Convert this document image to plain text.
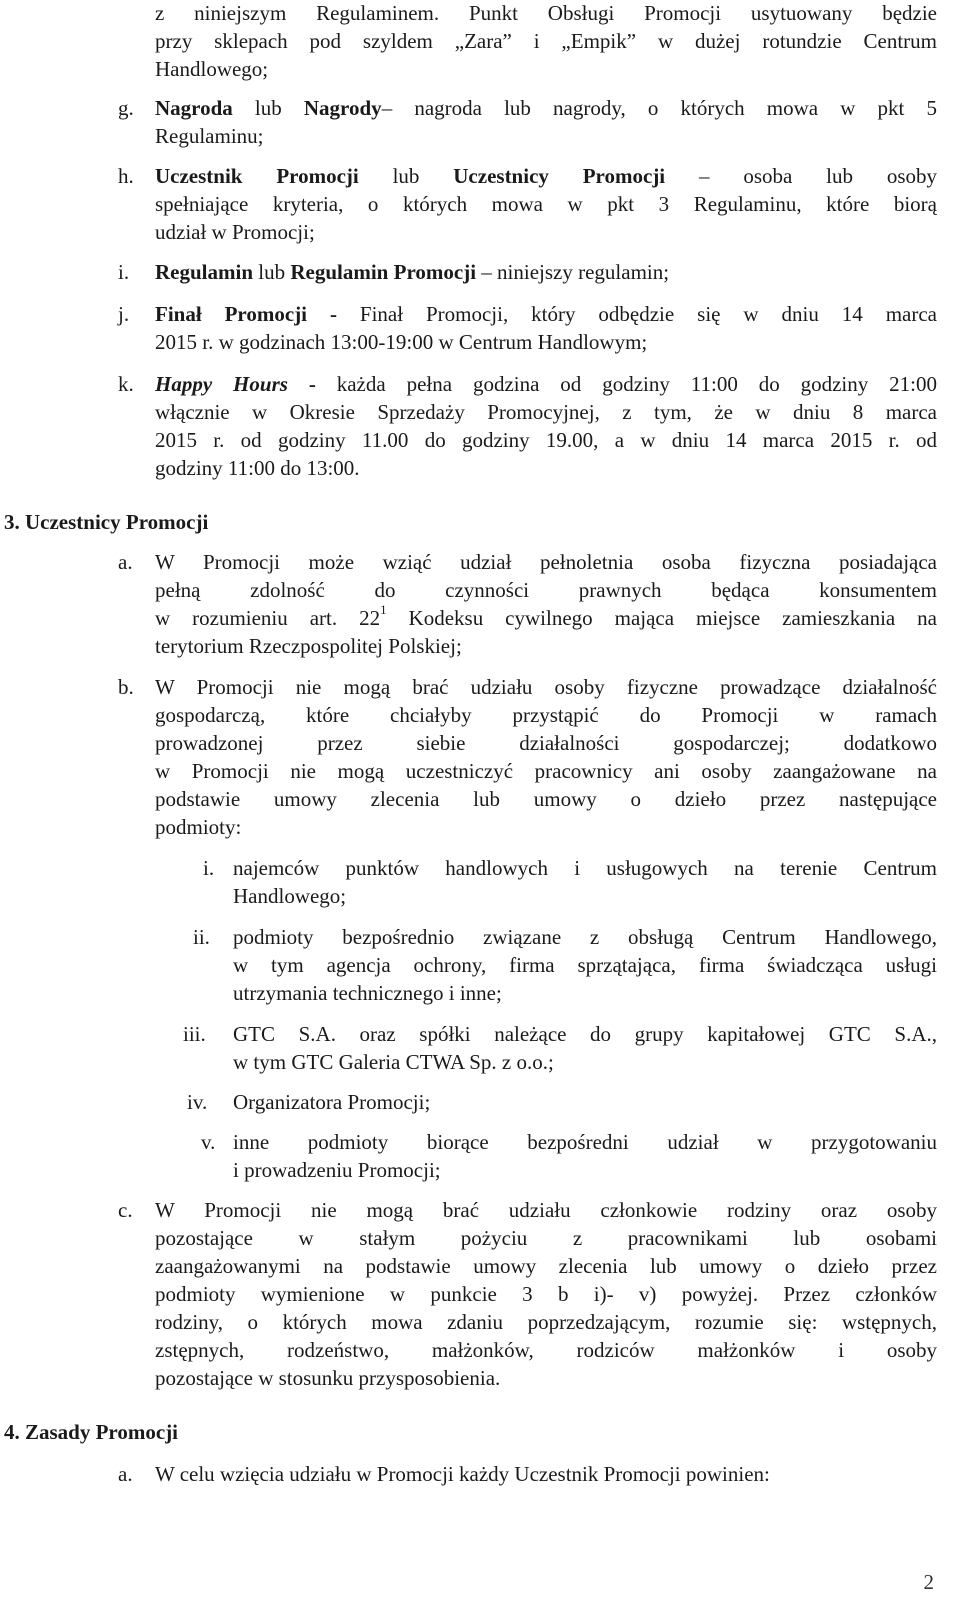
z niniejszym Regulaminem. Punkt Obsługi Promocji usytuowany będzie
przy sklepach pod szyldem „Zara” i „Empik” w dużej rotundzie Centrum
Handlowego;
g. Nagroda lub Nagrody– nagroda lub nagrody, o których mowa w pkt 5
Regulaminu;
h. Uczestnik Promocji lub Uczestnicy Promocji – osoba lub osoby
spełniające kryteria, o których mowa w pkt 3 Regulaminu, które biorą
udział w Promocji;
i. Regulamin lub Regulamin Promocji – niniejszy regulamin;
j. Finał Promocji - Finał Promocji, który odbędzie się w dniu 14 marca
2015 r. w godzinach 13:00-19:00 w Centrum Handlowym;
k. Happy Hours - każda pełna godzina od godziny 11:00 do godziny 21:00
włącznie w Okresie Sprzedaży Promocyjnej, z tym, że w dniu 8 marca
2015 r. od godziny 11.00 do godziny 19.00, a w dniu 14 marca 2015 r. od
godziny 11:00 do 13:00.
3. Uczestnicy Promocji
a. W Promocji może wziąć udział pełnoletnia osoba fizyczna posiadająca
pełną zdolność do czynności prawnych będąca konsumentem
w rozumieniu art. $22^1$ Kodeksu cywilnego mająca miejsce zamieszkania na
terytorium Rzeczpospolitej Polskiej;
b. W Promocji nie mogą brać udziału osoby fizyczne prowadzące działalność
gospodarczą, które chciałyby przystąpić do Promocji w ramach
prowadzonej przez siebie działalności gospodarczej; dodatkowo
w Promocji nie mogą uczestniczyć pracownicy ani osoby zaangażowane na
podstawie umowy zlecenia lub umowy o dzieło przez następujące
podmioty:
i. najemców punktów handlowych i usługowych na terenie Centrum
Handlowego;
ii. podmioty bezpośrednio związane z obsługą Centrum Handlowego,
w tym agencja ochrony, firma sprzątająca, firma świadcząca usługi
utrzymania technicznego i inne;
iii. GTC S.A. oraz spółki należące do grupy kapitałowej GTC S.A.,
w tym GTC Galeria CTWA Sp. z o.o.;
iv. Organizatora Promocji;
v. inne podmioty biorące bezpośredni udział w przygotowaniu
i prowadzeniu Promocji;
c. W Promocji nie mogą brać udziału członkowie rodziny oraz osoby
pozostające w stałym pożyciu z pracownikami lub osobami
zaangażowanymi na podstawie umowy zlecenia lub umowy o dzieło przez
podmioty wymienione w punkcie 3 b i)- v) powyżej. Przez członków
rodziny, o których mowa zdaniu poprzedzającym, rozumie się: wstępnych,
zstępnych, rodzeństwo, małżonków, rodziców małżonków i osoby
pozostające w stosunku przysposobienia.
4. Zasady Promocji
a. W celu wzięcia udziału w Promocji każdy Uczestnik Promocji powinien:
2
